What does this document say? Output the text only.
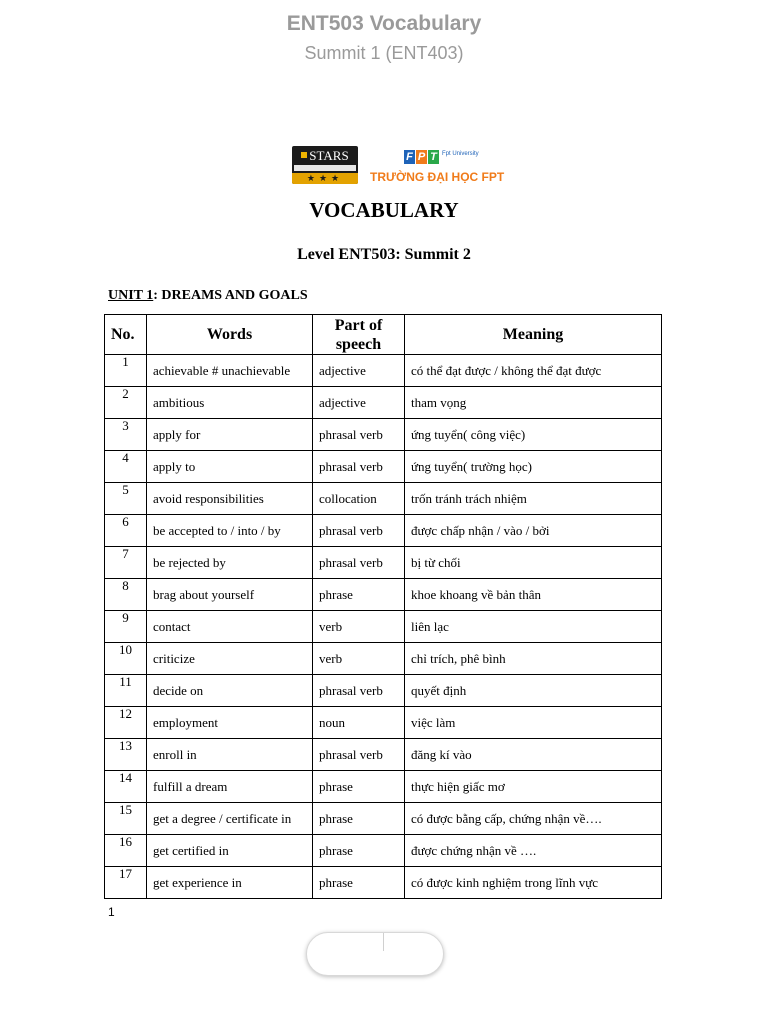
ENT503 Vocabulary
Summit 1 (ENT403)
STARS
★★★
F P T Fpt University
TRƯỜNG ĐẠI HỌC FPT
VOCABULARY
Level ENT503: Summit 2
UNIT 1: DREAMS AND GOALS
No.	Words	Part of speech	Meaning
1	achievable # unachievable	adjective	có thể đạt được / không thể đạt được
2	ambitious	adjective	tham vọng
3	apply for	phrasal verb	ứng tuyển( công việc)
4	apply to	phrasal verb	ứng tuyển( trường học)
5	avoid responsibilities	collocation	trốn tránh trách nhiệm
6	be accepted to / into / by	phrasal verb	được chấp nhận / vào / bởi
7	be rejected by	phrasal verb	bị từ chối
8	brag about yourself	phrase	khoe khoang về bản thân
9	contact	verb	liên lạc
10	criticize	verb	chỉ trích, phê bình
11	decide on	phrasal verb	quyết định
12	employment	noun	việc làm
13	enroll in	phrasal verb	đăng kí vào
14	fulfill a dream	phrase	thực hiện giấc mơ
15	get a degree / certificate in	phrase	có được bằng cấp, chứng nhận về….
16	get certified in	phrase	được chứng nhận về ….
17	get experience in	phrase	có được kinh nghiệm trong lĩnh vực
1
